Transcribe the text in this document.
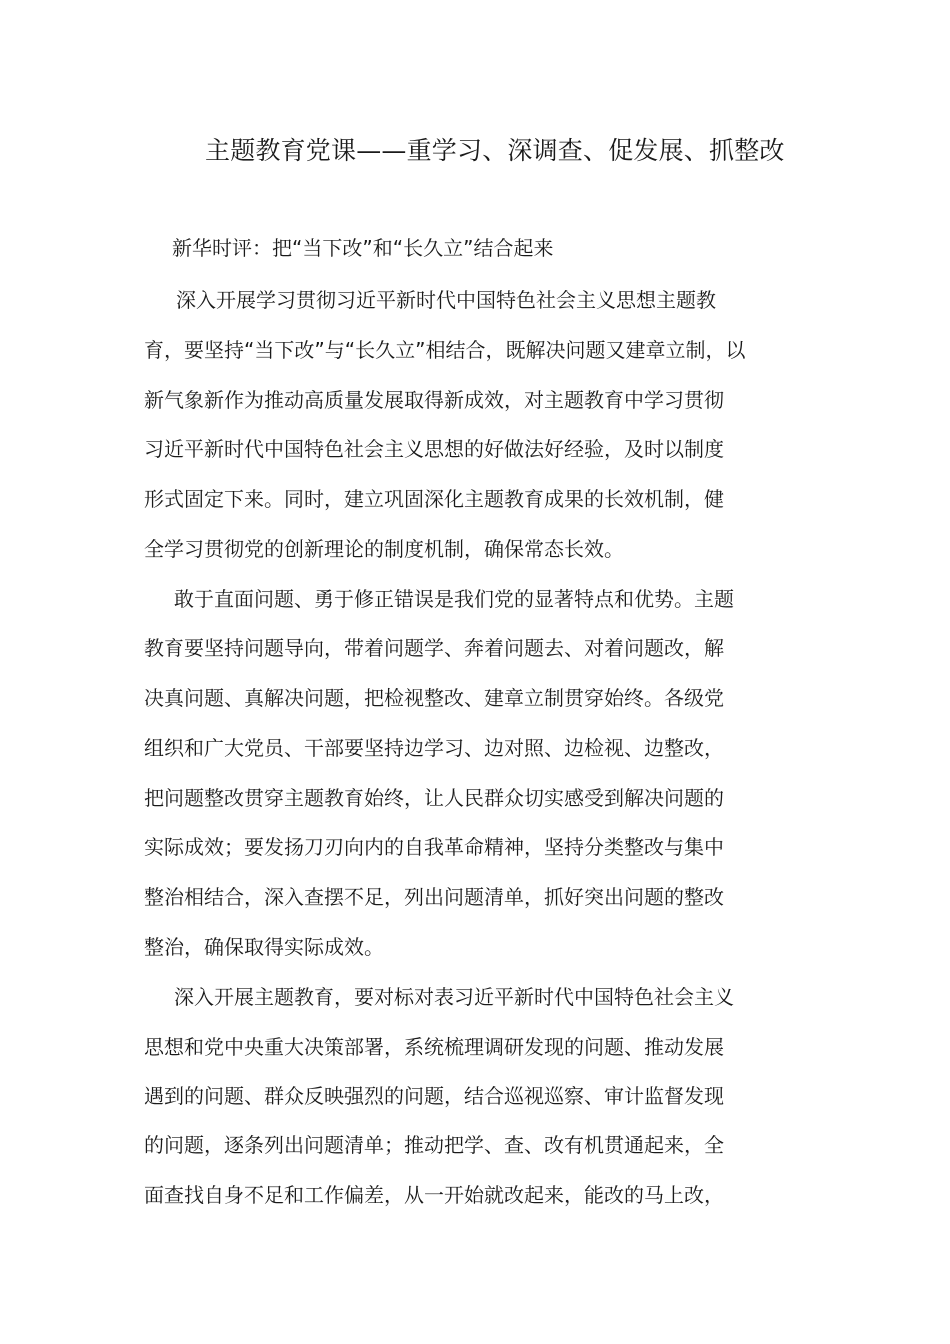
主题教育党课——重学习、深调查、促发展、抓整改
新华时评：把“当下改”和“长久立”结合起来
深入开展学习贯彻习近平新时代中国特色社会主义思想主题教
育，要坚持“当下改”与“长久立”相结合，既解决问题又建章立制，以
新气象新作为推动高质量发展取得新成效，对主题教育中学习贯彻
习近平新时代中国特色社会主义思想的好做法好经验，及时以制度
形式固定下来。同时，建立巩固深化主题教育成果的长效机制，健
全学习贯彻党的创新理论的制度机制，确保常态长效。
敢于直面问题、勇于修正错误是我们党的显著特点和优势。主题
教育要坚持问题导向，带着问题学、奔着问题去、对着问题改，解
决真问题、真解决问题，把检视整改、建章立制贯穿始终。各级党
组织和广大党员、干部要坚持边学习、边对照、边检视、边整改，
把问题整改贯穿主题教育始终，让人民群众切实感受到解决问题的
实际成效；要发扬刀刃向内的自我革命精神，坚持分类整改与集中
整治相结合，深入查摆不足，列出问题清单，抓好突出问题的整改
整治，确保取得实际成效。
深入开展主题教育，要对标对表习近平新时代中国特色社会主义
思想和党中央重大决策部署，系统梳理调研发现的问题、推动发展
遇到的问题、群众反映强烈的问题，结合巡视巡察、审计监督发现
的问题，逐条列出问题清单；推动把学、查、改有机贯通起来，全
面查找自身不足和工作偏差，从一开始就改起来，能改的马上改，
